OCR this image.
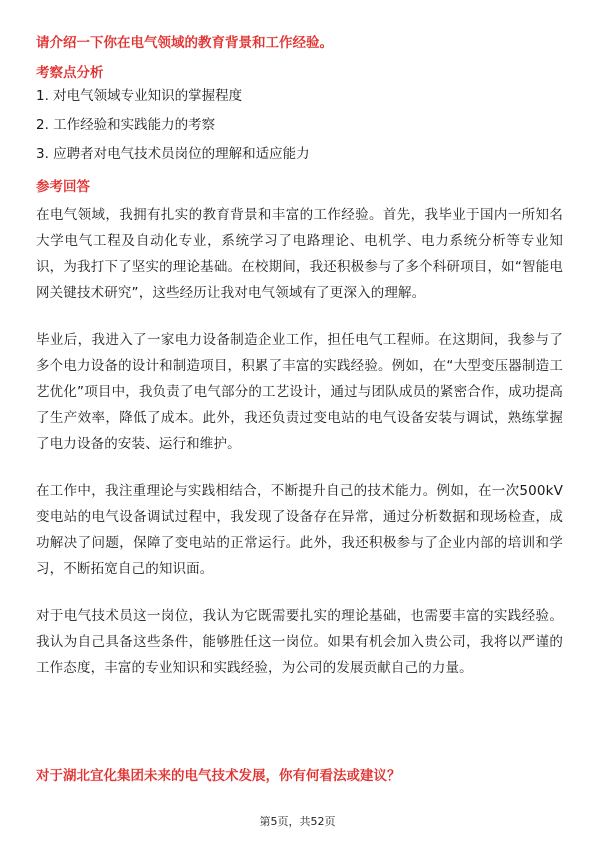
请介绍一下你在电气领域的教育背景和工作经验。
考察点分析
1. 对电气领域专业知识的掌握程度
2. 工作经验和实践能力的考察
3. 应聘者对电气技术员岗位的理解和适应能力
参考回答

在电气领域，我拥有扎实的教育背景和丰富的工作经验。首先，我毕业于国内一所知名大学电气工程及自动化专业，系统学习了电路理论、电机学、电力系统分析等专业知识，为我打下了坚实的理论基础。在校期间，我还积极参与了多个科研项目，如“智能电网关键技术研究”，这些经历让我对电气领域有了更深入的理解。

毕业后，我进入了一家电力设备制造企业工作，担任电气工程师。在这期间，我参与了多个电力设备的设计和制造项目，积累了丰富的实践经验。例如，在“大型变压器制造工艺优化”项目中，我负责了电气部分的工艺设计，通过与团队成员的紧密合作，成功提高了生产效率，降低了成本。此外，我还负责过变电站的电气设备安装与调试，熟练掌握了电力设备的安装、运行和维护。

在工作中，我注重理论与实践相结合，不断提升自己的技术能力。例如，在一次500kV变电站的电气设备调试过程中，我发现了设备存在异常，通过分析数据和现场检查，成功解决了问题，保障了变电站的正常运行。此外，我还积极参与了企业内部的培训和学习，不断拓宽自己的知识面。

对于电气技术员这一岗位，我认为它既需要扎实的理论基础，也需要丰富的实践经验。我认为自己具备这些条件，能够胜任这一岗位。如果有机会加入贵公司，我将以严谨的工作态度，丰富的专业知识和实践经验，为公司的发展贡献自己的力量。

对于湖北宜化集团未来的电气技术发展，你有何看法或建议？
第5页，共52页
